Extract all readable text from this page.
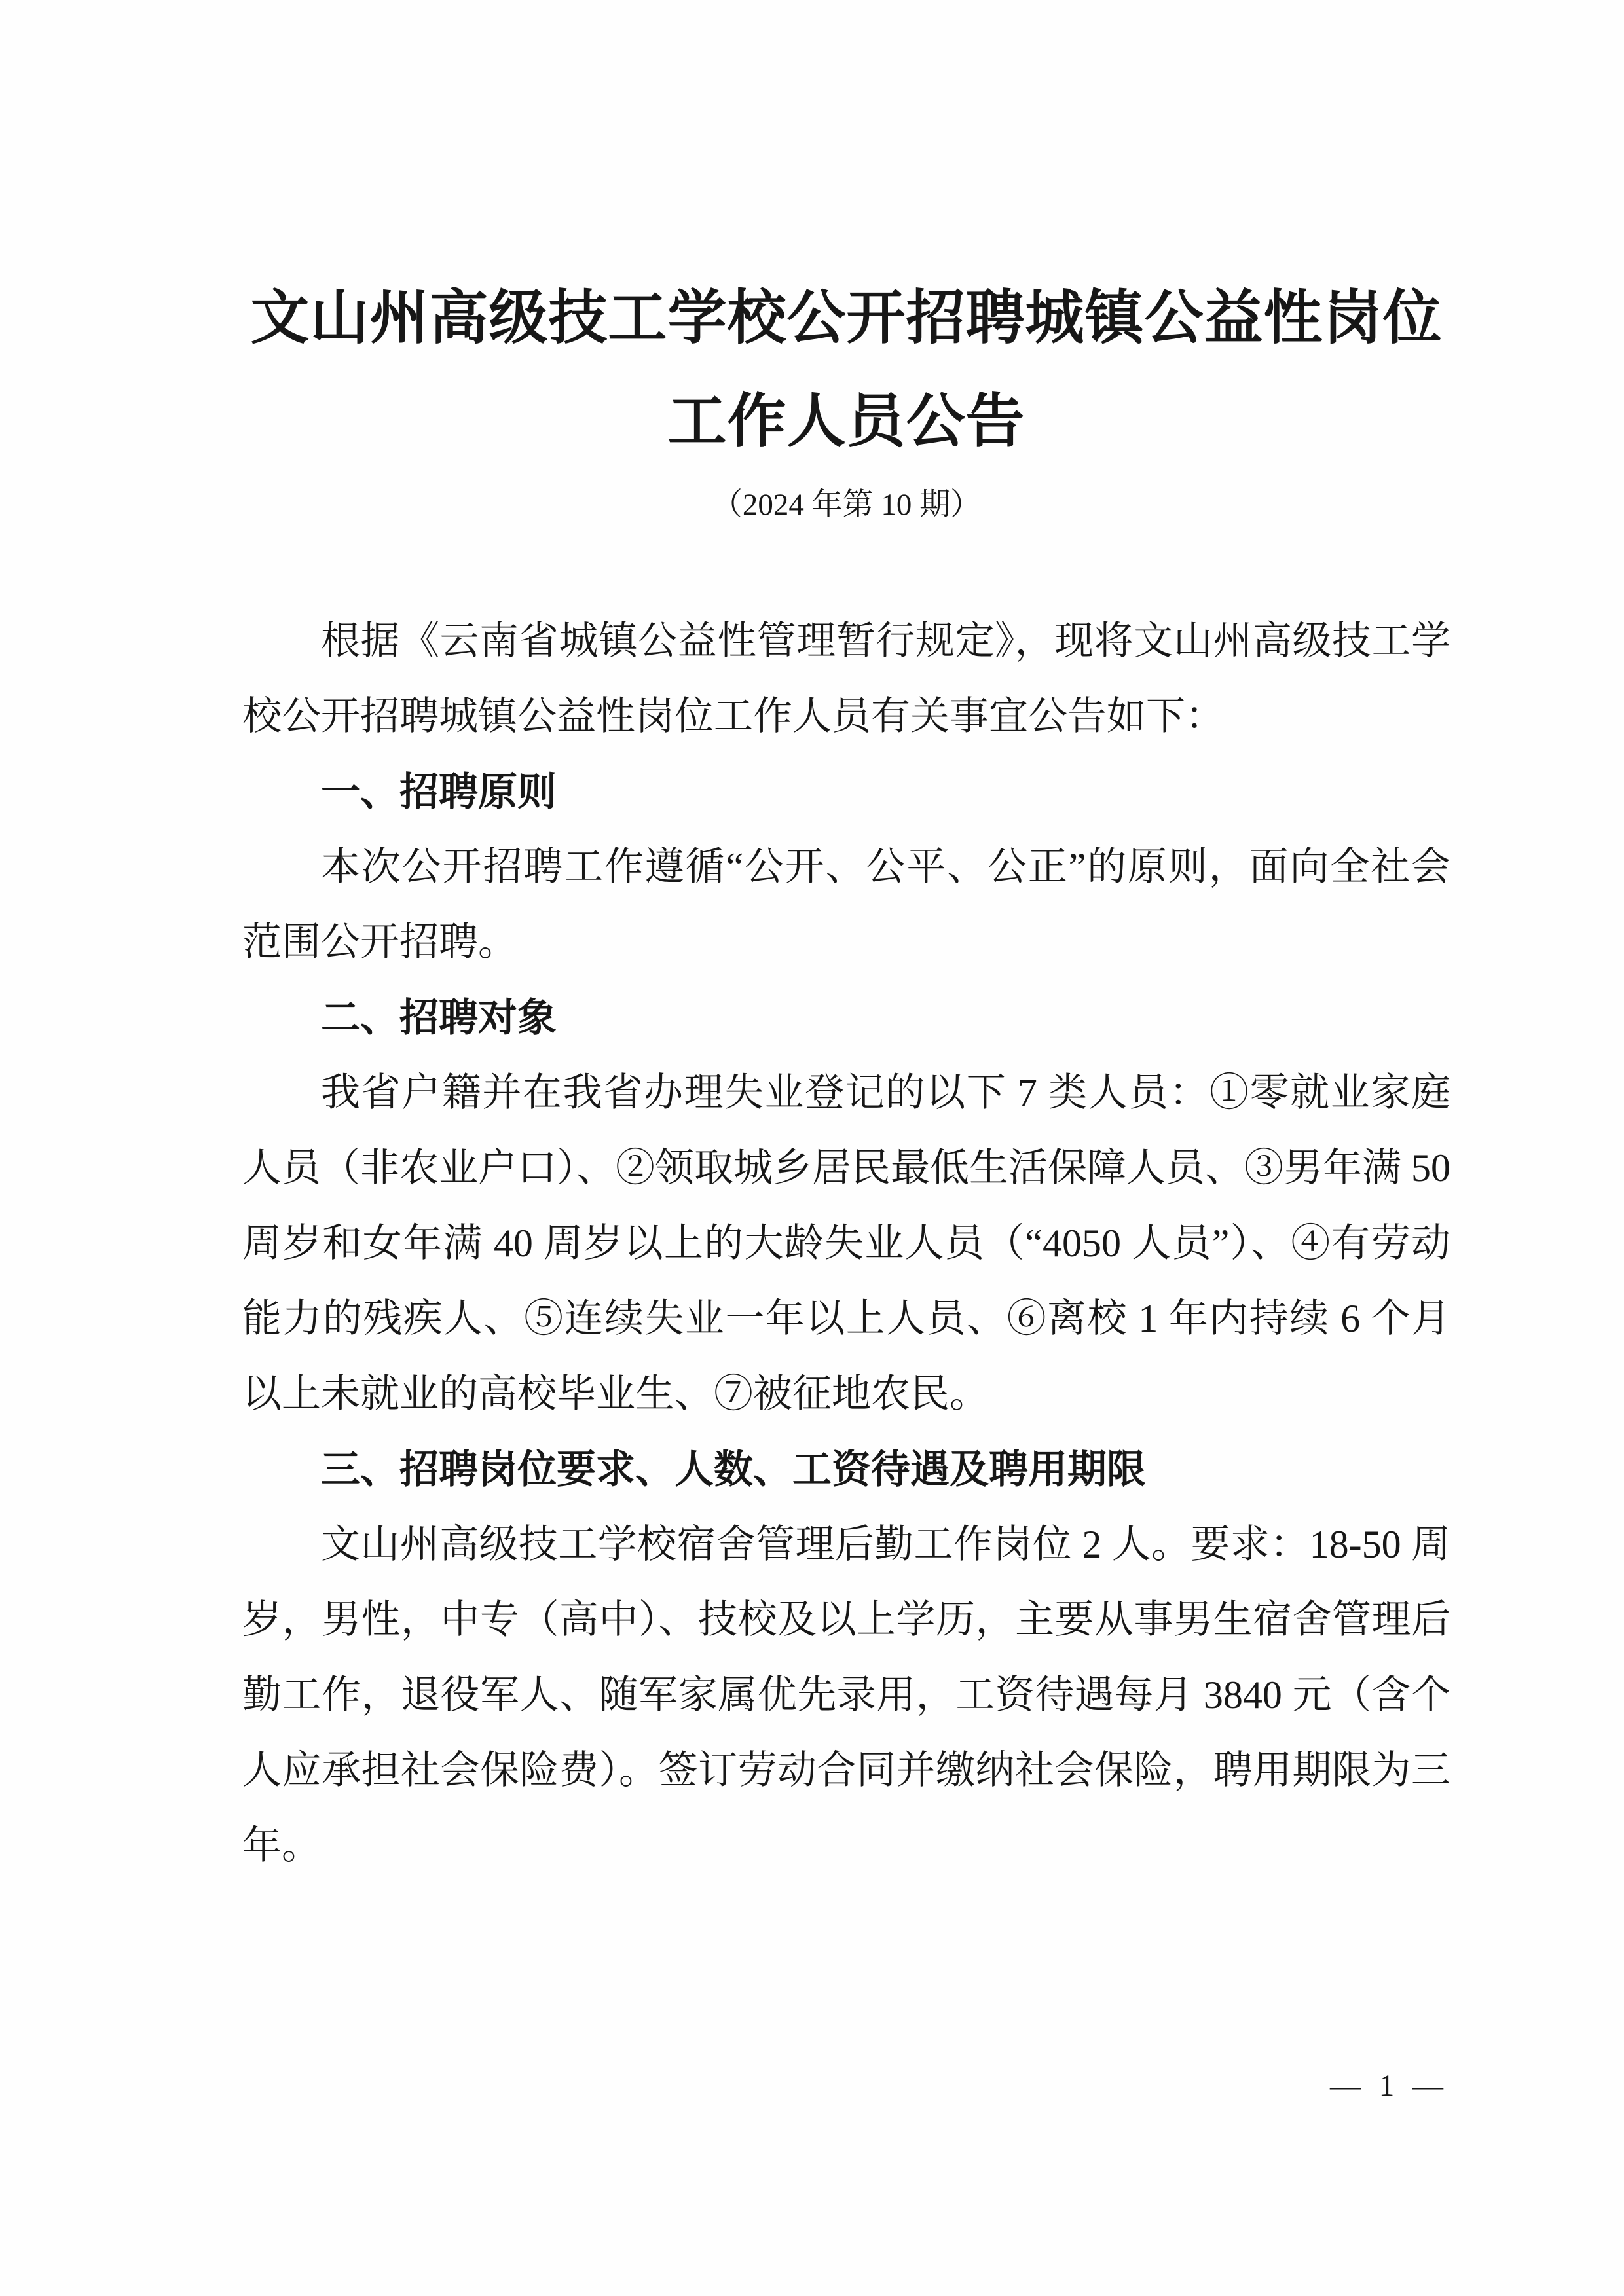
文山州高级技工学校公开招聘城镇公益性岗位
工作人员公告
（2024 年第 10 期）

根据《云南省城镇公益性管理暂行规定》，现将文山州高级技工学校公开招聘城镇公益性岗位工作人员有关事宜公告如下：

一、招聘原则

本次公开招聘工作遵循“公开、公平、公正”的原则，面向全社会范围公开招聘。

二、招聘对象

我省户籍并在我省办理失业登记的以下 7 类人员：①零就业家庭人员（非农业户口）、②领取城乡居民最低生活保障人员、③男年满 50 周岁和女年满 40 周岁以上的大龄失业人员（“4050 人员”）、④有劳动能力的残疾人、⑤连续失业一年以上人员、⑥离校 1 年内持续 6 个月以上未就业的高校毕业生、⑦被征地农民。

三、招聘岗位要求、人数、工资待遇及聘用期限

文山州高级技工学校宿舍管理后勤工作岗位 2 人。要求：18-50 周岁，男性，中专（高中）、技校及以上学历，主要从事男生宿舍管理后勤工作，退役军人、随军家属优先录用，工资待遇每月 3840 元（含个人应承担社会保险费）。签订劳动合同并缴纳社会保险，聘用期限为三年。

— 1 —
